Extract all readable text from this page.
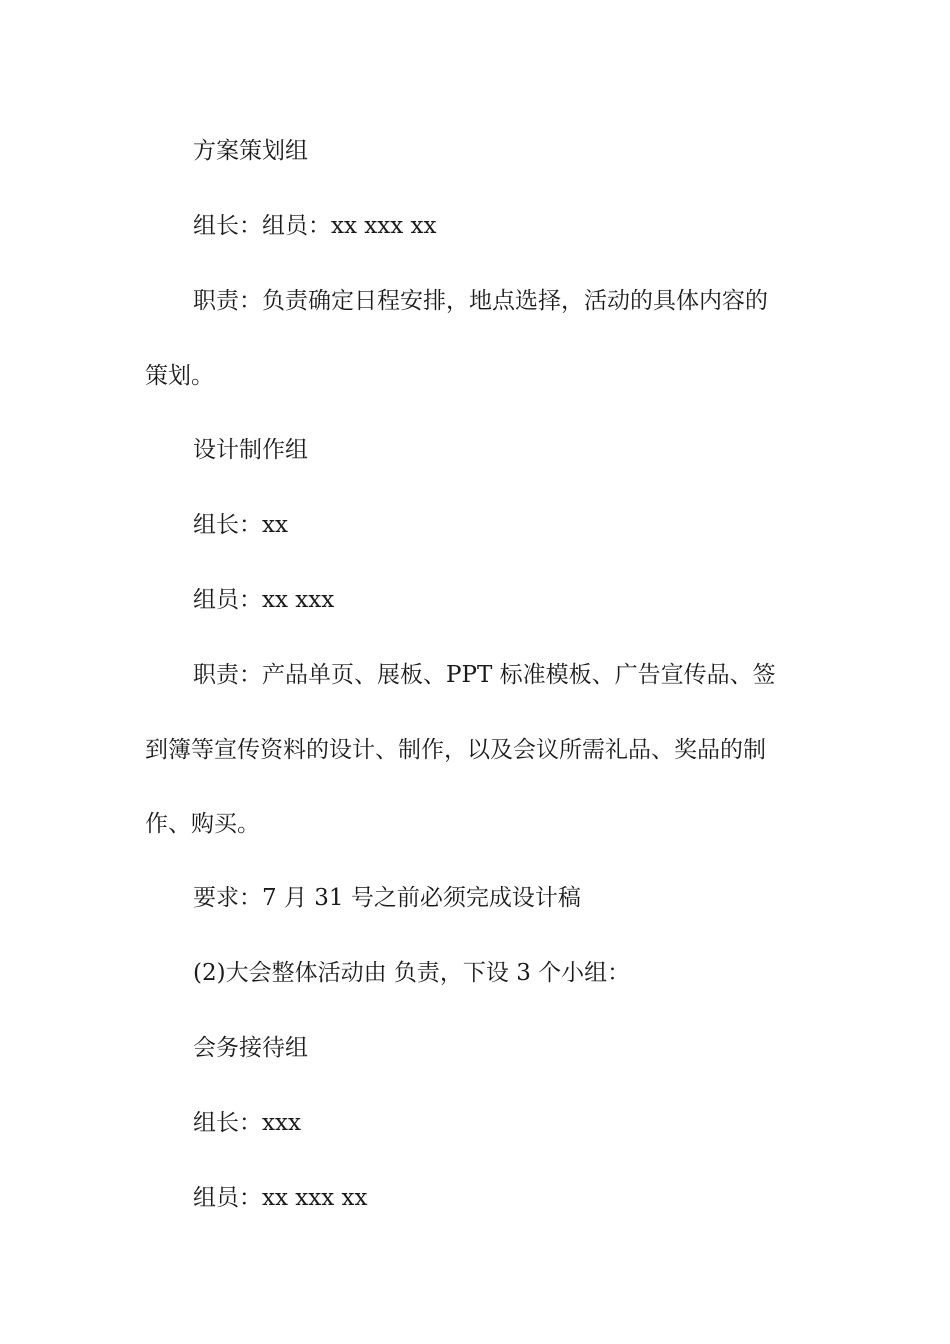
方案策划组
组长：组员：xx xxx xx
职责：负责确定日程安排，地点选择，活动的具体内容的
策划。
设计制作组
组长：xx
组员：xx xxx
职责：产品单页、展板、PPT 标准模板、广告宣传品、签
到簿等宣传资料的设计、制作，以及会议所需礼品、奖品的制
作、购买。
要求：7 月 31 号之前必须完成设计稿
(2)大会整体活动由 负责，下设 3 个小组：
会务接待组
组长：xxx
组员：xx xxx xx
